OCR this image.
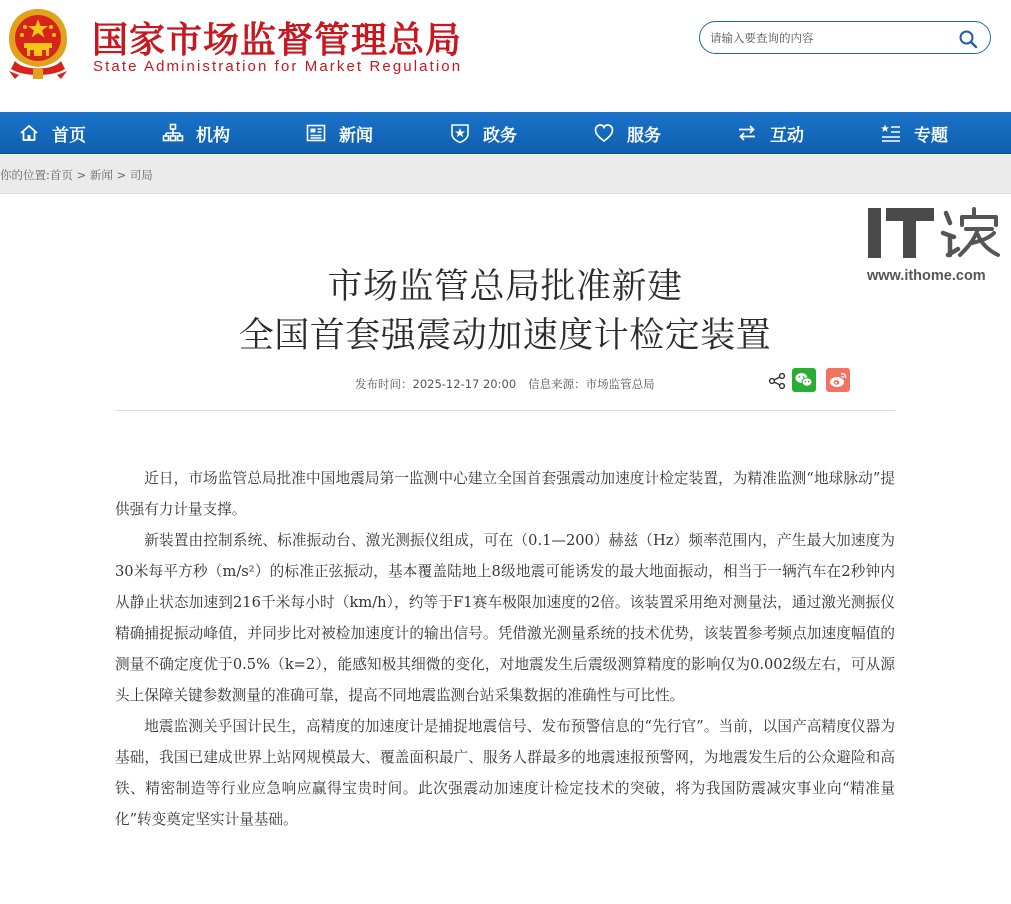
国家市场监督管理总局
State Administration for Market Regulation
请输入要查询的内容
首页	机构	新闻	政务	服务	互动	专题
你的位置:首页 > 新闻 > 司局
www.ithome.com
市场监管总局批准新建
全国首套强震动加速度计检定装置
发布时间：2025-12-17 20:00 信息来源：市场监管总局

近日，市场监管总局批准中国地震局第一监测中心建立全国首套强震动加速度计检定装置，为精准监测“地球脉动”提供强有力计量支撑。

新装置由控制系统、标准振动台、激光测振仪组成，可在（0.1—200）赫兹（Hz）频率范围内，产生最大加速度为30米每平方秒（m/s²）的标准正弦振动，基本覆盖陆地上8级地震可能诱发的最大地面振动，相当于一辆汽车在2秒钟内从静止状态加速到216千米每小时（km/h），约等于F1赛车极限加速度的2倍。该装置采用绝对测量法，通过激光测振仪精确捕捉振动峰值，并同步比对被检加速度计的输出信号。凭借激光测量系统的技术优势，该装置参考频点加速度幅值的测量不确定度优于0.5%（k=2），能感知极其细微的变化，对地震发生后震级测算精度的影响仅为0.002级左右，可从源头上保障关键参数测量的准确可靠，提高不同地震监测台站采集数据的准确性与可比性。

地震监测关乎国计民生，高精度的加速度计是捕捉地震信号、发布预警信息的“先行官”。当前，以国产高精度仪器为基础，我国已建成世界上站网规模最大、覆盖面积最广、服务人群最多的地震速报预警网，为地震发生后的公众避险和高铁、精密制造等行业应急响应赢得宝贵时间。此次强震动加速度计检定技术的突破，将为我国防震减灾事业向“精准量化”转变奠定坚实计量基础。
